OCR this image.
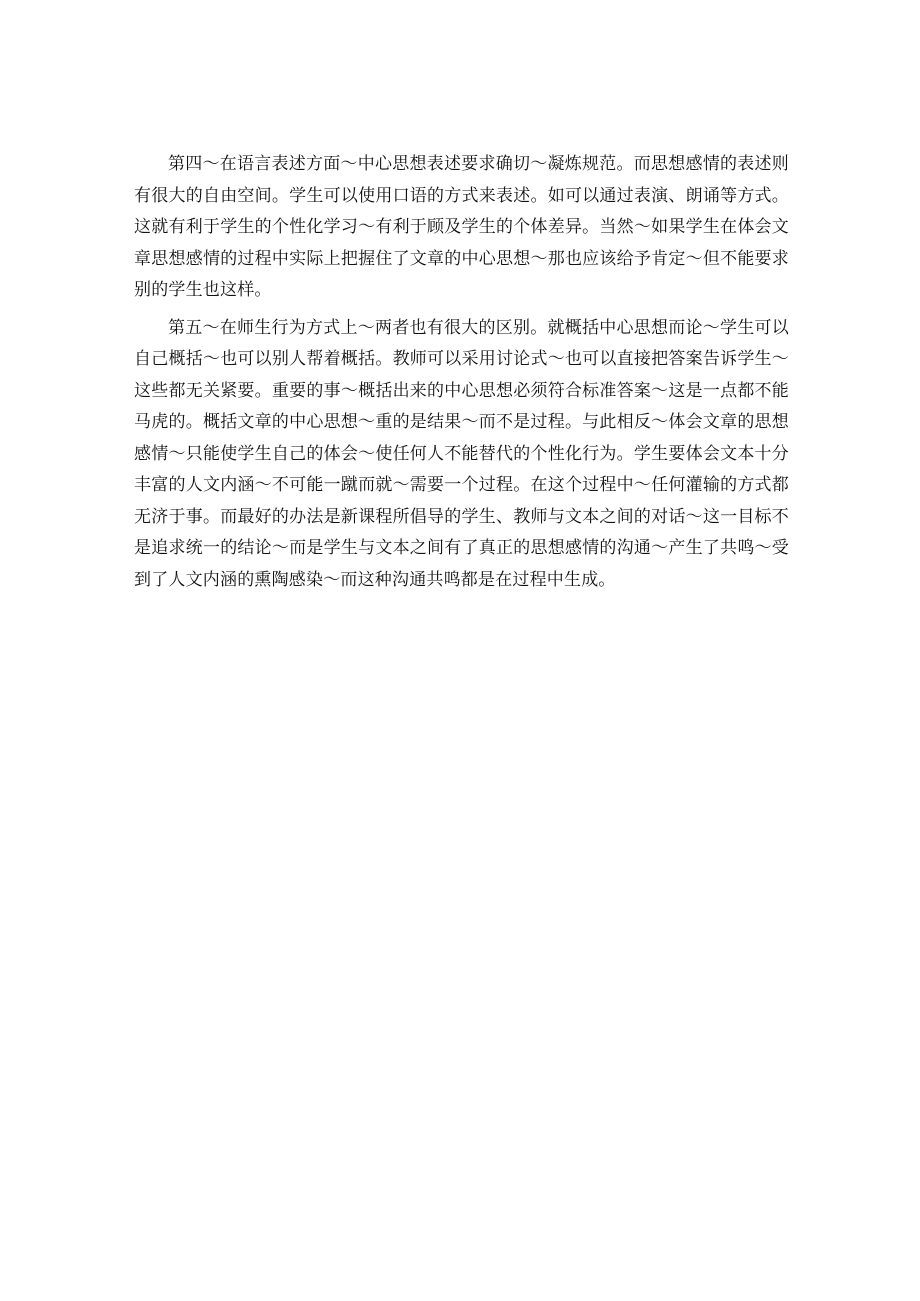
第四～在语言表述方面～中心思想表述要求确切～凝炼规范。而思想感情的表述则有很大的自由空间。学生可以使用口语的方式来表述。如可以通过表演、朗诵等方式。这就有利于学生的个性化学习～有利于顾及学生的个体差异。当然～如果学生在体会文章思想感情的过程中实际上把握住了文章的中心思想～那也应该给予肯定～但不能要求别的学生也这样。

第五～在师生行为方式上～两者也有很大的区别。就概括中心思想而论～学生可以自己概括～也可以别人帮着概括。教师可以采用讨论式～也可以直接把答案告诉学生～这些都无关紧要。重要的事～概括出来的中心思想必须符合标准答案～这是一点都不能马虎的。概括文章的中心思想～重的是结果～而不是过程。与此相反～体会文章的思想感情～只能使学生自己的体会～使任何人不能替代的个性化行为。学生要体会文本十分丰富的人文内涵～不可能一蹴而就～需要一个过程。在这个过程中～任何灌输的方式都无济于事。而最好的办法是新课程所倡导的学生、教师与文本之间的对话～这一目标不是追求统一的结论～而是学生与文本之间有了真正的思想感情的沟通～产生了共鸣～受到了人文内涵的熏陶感染～而这种沟通共鸣都是在过程中生成。
